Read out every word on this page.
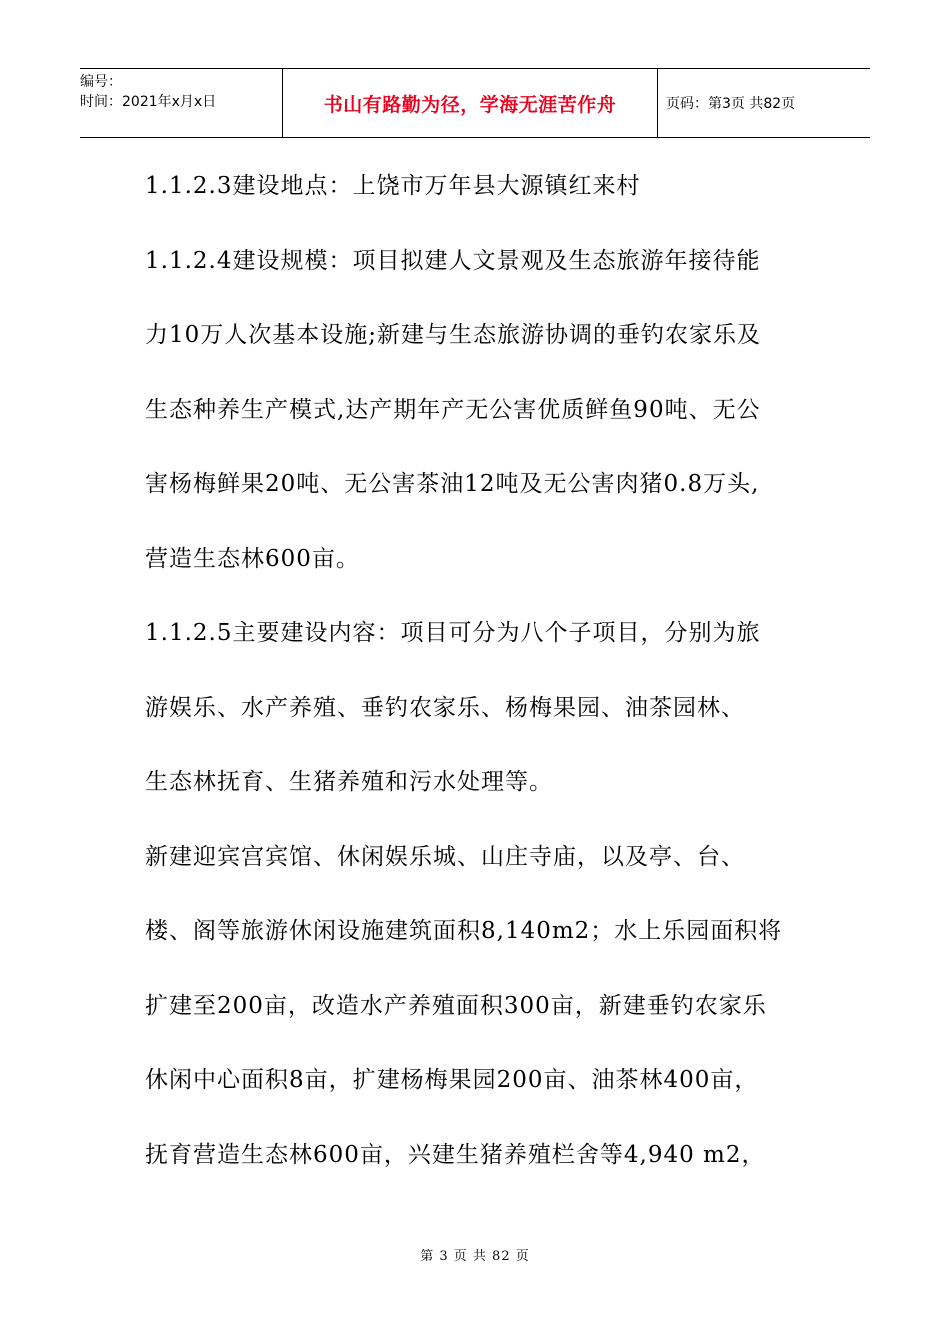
编号：
时间：2021年x月x日	书山有路勤为径，学海无涯苦作舟	页码：第3页 共82页
1.1.2.3建设地点：上饶市万年县大源镇红来村
1.1.2.4建设规模：项目拟建人文景观及生态旅游年接待能
力10万人次基本设施;新建与生态旅游协调的垂钓农家乐及
生态种养生产模式,达产期年产无公害优质鲜鱼90吨、无公
害杨梅鲜果20吨、无公害茶油12吨及无公害肉猪0.8万头,
营造生态林600亩。
1.1.2.5主要建设内容：项目可分为八个子项目，分别为旅
游娱乐、水产养殖、垂钓农家乐、杨梅果园、油茶园林、
生态林抚育、生猪养殖和污水处理等。
新建迎宾宫宾馆、休闲娱乐城、山庄寺庙，以及亭、台、
楼、阁等旅游休闲设施建筑面积8,140m2；水上乐园面积将
扩建至200亩，改造水产养殖面积300亩，新建垂钓农家乐
休闲中心面积8亩，扩建杨梅果园200亩、油茶林400亩，
抚育营造生态林600亩，兴建生猪养殖栏舍等4,940 m2，
第 3 页 共 82 页
